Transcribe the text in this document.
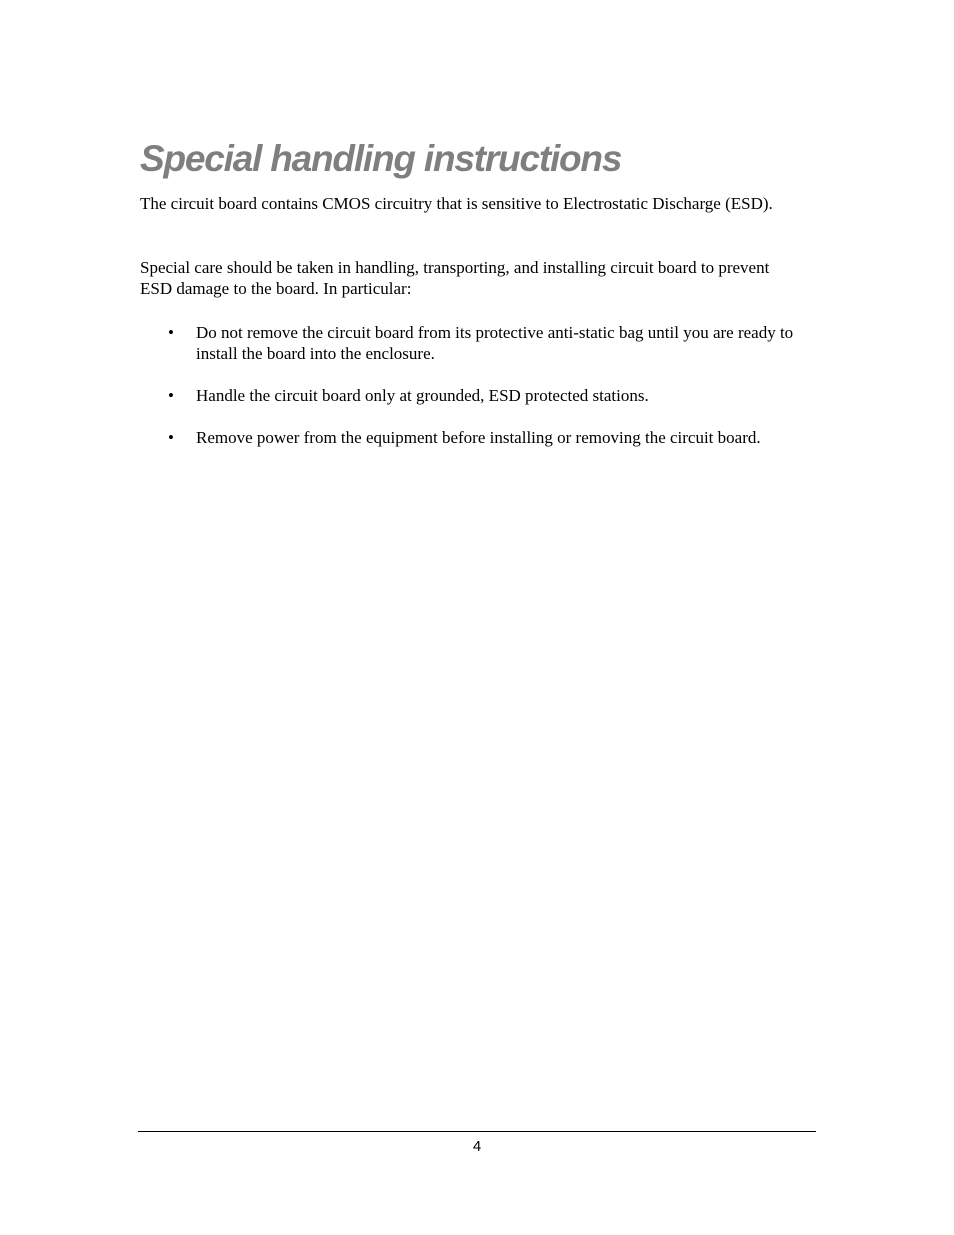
Special handling instructions

The circuit board contains CMOS circuitry that is sensitive to Electrostatic Discharge (ESD).

Special care should be taken in handling, transporting, and installing circuit board to prevent ESD damage to the board. In particular:

• Do not remove the circuit board from its protective anti-static bag until you are ready to install the board into the enclosure.
• Handle the circuit board only at grounded, ESD protected stations.
• Remove power from the equipment before installing or removing the circuit board.
4
